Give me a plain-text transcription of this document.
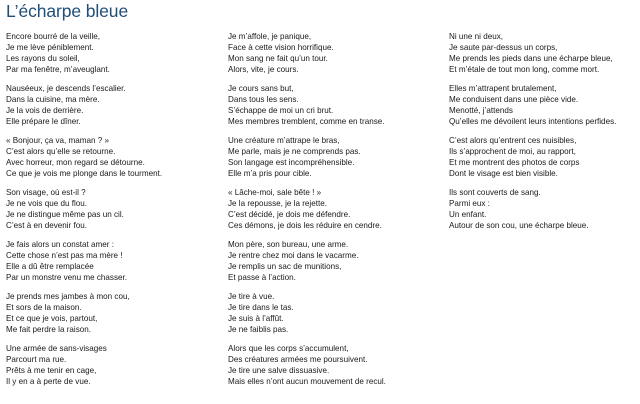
L’écharpe bleue
Encore bourré de la veille,
Je me lève péniblement.
Les rayons du soleil,
Par ma fenêtre, m’aveuglant.
Nauséeux, je descends l’escalier.
Dans la cuisine, ma mère.
Je la vois de derrière.
Elle prépare le dîner.
« Bonjour, ça va, maman ? »
C’est alors qu’elle se retourne.
Avec horreur, mon regard se détourne.
Ce que je vois me plonge dans le tourment.
Son visage, où est-il ?
Je ne vois que du flou.
Je ne distingue même pas un cil.
C’est à en devenir fou.
Je fais alors un constat amer :
Cette chose n’est pas ma mère !
Elle a dû être remplacée
Par un monstre venu me chasser.
Je prends mes jambes à mon cou,
Et sors de la maison.
Et ce que je vois, partout,
Me fait perdre la raison.
Une armée de sans-visages
Parcourt ma rue.
Prêts à me tenir en cage,
Il y en a à perte de vue.
Je m’affole, je panique,
Face à cette vision horrifique.
Mon sang ne fait qu’un tour.
Alors, vite, je cours.
Je cours sans but,
Dans tous les sens.
S’échappe de moi un cri brut.
Mes membres tremblent, comme en transe.
Une créature m’attrape le bras,
Me parle, mais je ne comprends pas.
Son langage est incompréhensible.
Elle m’a pris pour cible.
« Lâche-moi, sale bête ! »
Je la repousse, je la rejette.
C’est décidé, je dois me défendre.
Ces démons, je dois les réduire en cendre.
Mon père, son bureau, une arme.
Je rentre chez moi dans le vacarme.
Je remplis un sac de munitions,
Et passe à l’action.
Je tire à vue.
Je tire dans le tas.
Je suis à l’affût.
Je ne faiblis pas.
Alors que les corps s’accumulent,
Des créatures armées me poursuivent.
Je tire une salve dissuasive.
Mais elles n’ont aucun mouvement de recul.
Ni une ni deux,
Je saute par-dessus un corps,
Me prends les pieds dans une écharpe bleue,
Et m’étale de tout mon long, comme mort.
Elles m’attrapent brutalement,
Me conduisent dans une pièce vide.
Menotté, j’attends
Qu’elles me dévoilent leurs intentions perfides.
C’est alors qu’entrent ces nuisibles,
Ils s’approchent de moi, au rapport,
Et me montrent des photos de corps
Dont le visage est bien visible.
Ils sont couverts de sang.
Parmi eux :
Un enfant.
Autour de son cou, une écharpe bleue.
